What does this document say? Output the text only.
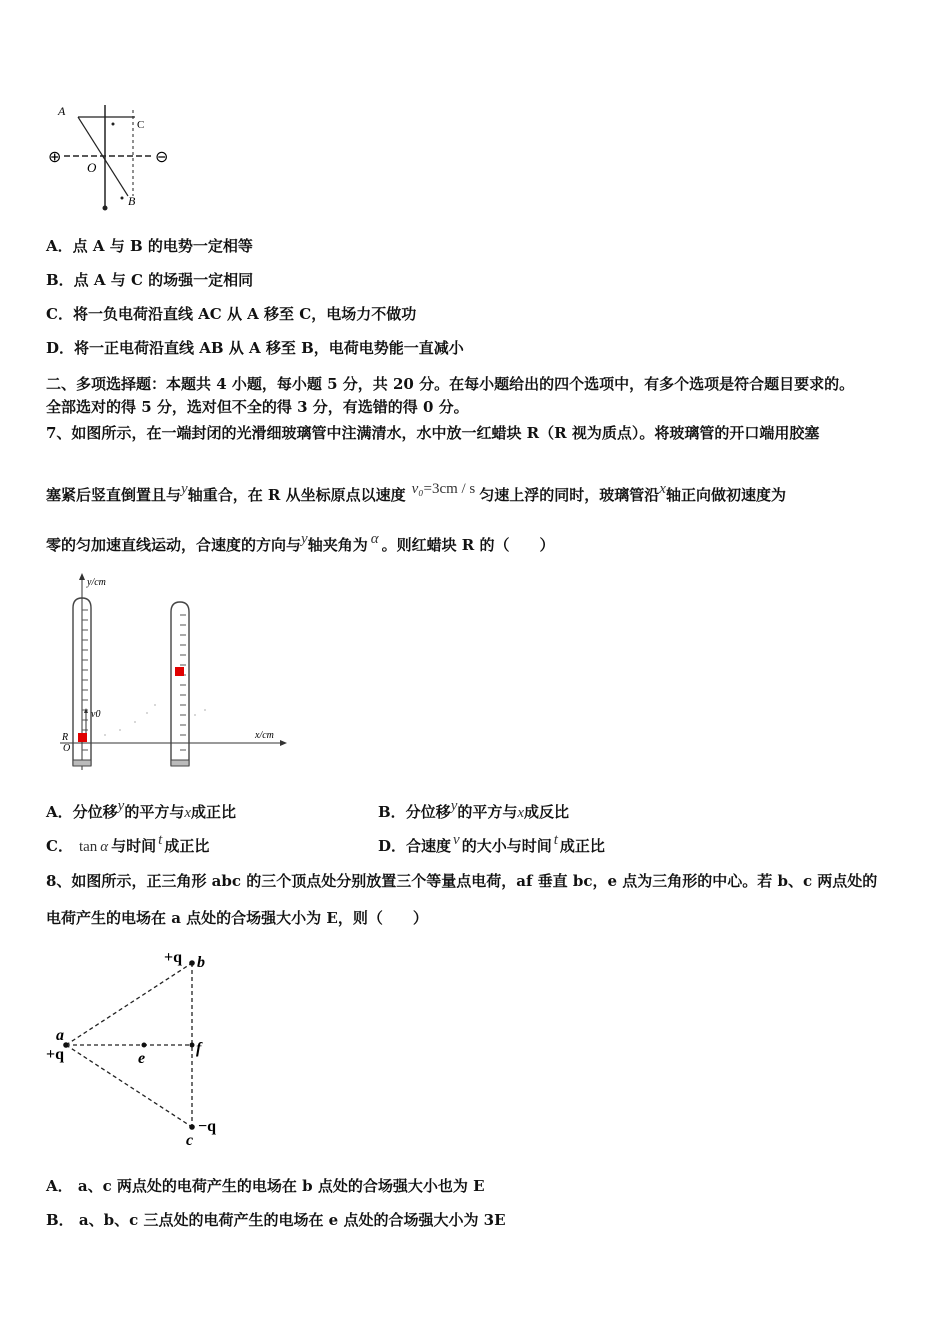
⊕	⊖
A
C
O
B
A．点 A 与 B 的电势一定相等
B．点 A 与 C 的场强一定相同
C．将一负电荷沿直线 AC 从 A 移至 C，电场力不做功
D．将一正电荷沿直线 AB 从 A 移至 B，电荷电势能一直减小
二、多项选择题：本题共 4 小题，每小题 5 分，共 20 分。在每小题给出的四个选项中，有多个选项是符合题目要求的。
全部选对的得 5 分，选对但不全的得 3 分，有选错的得 0 分。
7、如图所示，在一端封闭的光滑细玻璃管中注满清水，水中放一红蜡块 R（R 视为质点）。将玻璃管的开口端用胶塞
塞紧后竖直倒置且与y轴重合，在 R 从坐标原点以速度 v₀=3cm / s 匀速上浮的同时，玻璃管沿x轴正向做初速度为
零的匀加速直线运动，合速度的方向与y轴夹角为 α 。则红蜡块 R 的（　　）
y/cm
x/cm
v0
R
O
A．分位移y的平方与x成正比	B．分位移y的平方与x成反比
C． tan α 与时间 t 成正比	D．合速度 v 的大小与时间 t 成正比
8、如图所示，正三角形 abc 的三个顶点处分别放置三个等量点电荷，af 垂直 bc，e 点为三角形的中心。若 b、c 两点处的
电荷产生的电场在 a 点处的合场强大小为 E，则（　　）
+q b
a
+q	e
f
c
−q
A． a、c 两点处的电荷产生的电场在 b 点处的合场强大小也为 E
B． a、b、c 三点处的电荷产生的电场在 e 点处的合场强大小为 3E
